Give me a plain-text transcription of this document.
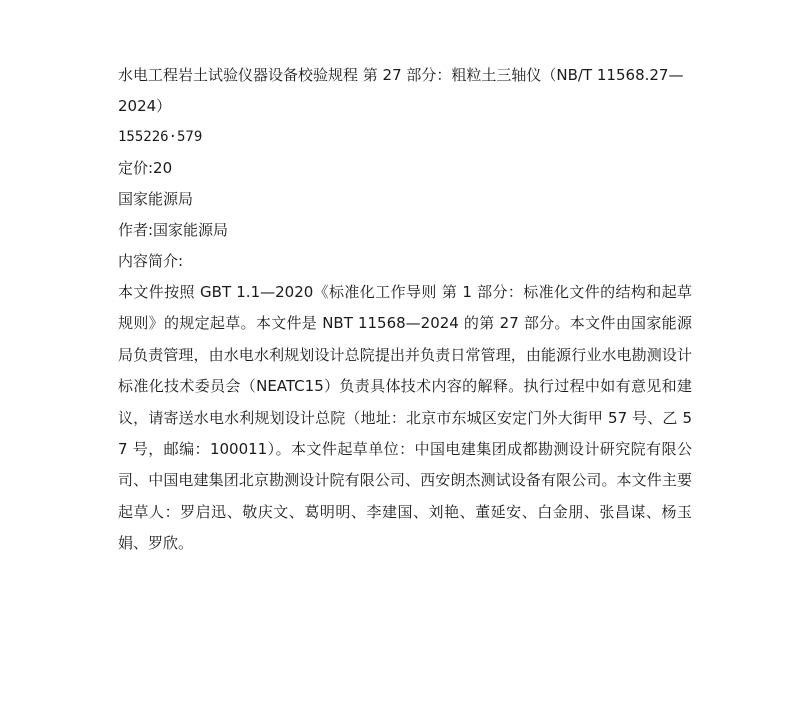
水电工程岩土试验仪器设备校验规程 第 27 部分：粗粒土三轴仪（NB/T 11568.27—2024）
155226·579
定价:20
国家能源局
作者:国家能源局
内容简介:
本文件按照 GBT 1.1—2020《标准化工作导则 第 1 部分：标准化文件的结构和起草规则》的规定起草。本文件是 NBT 11568—2024 的第 27 部分。本文件由国家能源局负责管理，由水电水利规划设计总院提出并负责日常管理，由能源行业水电勘测设计标准化技术委员会（NEATC15）负责具体技术内容的解释。执行过程中如有意见和建议，请寄送水电水利规划设计总院（地址：北京市东城区安定门外大街甲 57 号、乙 57 号，邮编：100011）。本文件起草单位：中国电建集团成都勘测设计研究院有限公司、中国电建集团北京勘测设计院有限公司、西安朗杰测试设备有限公司。本文件主要起草人：罗启迅、敬庆文、葛明明、李建国、刘艳、董延安、白金朋、张昌谋、杨玉娟、罗欣。
